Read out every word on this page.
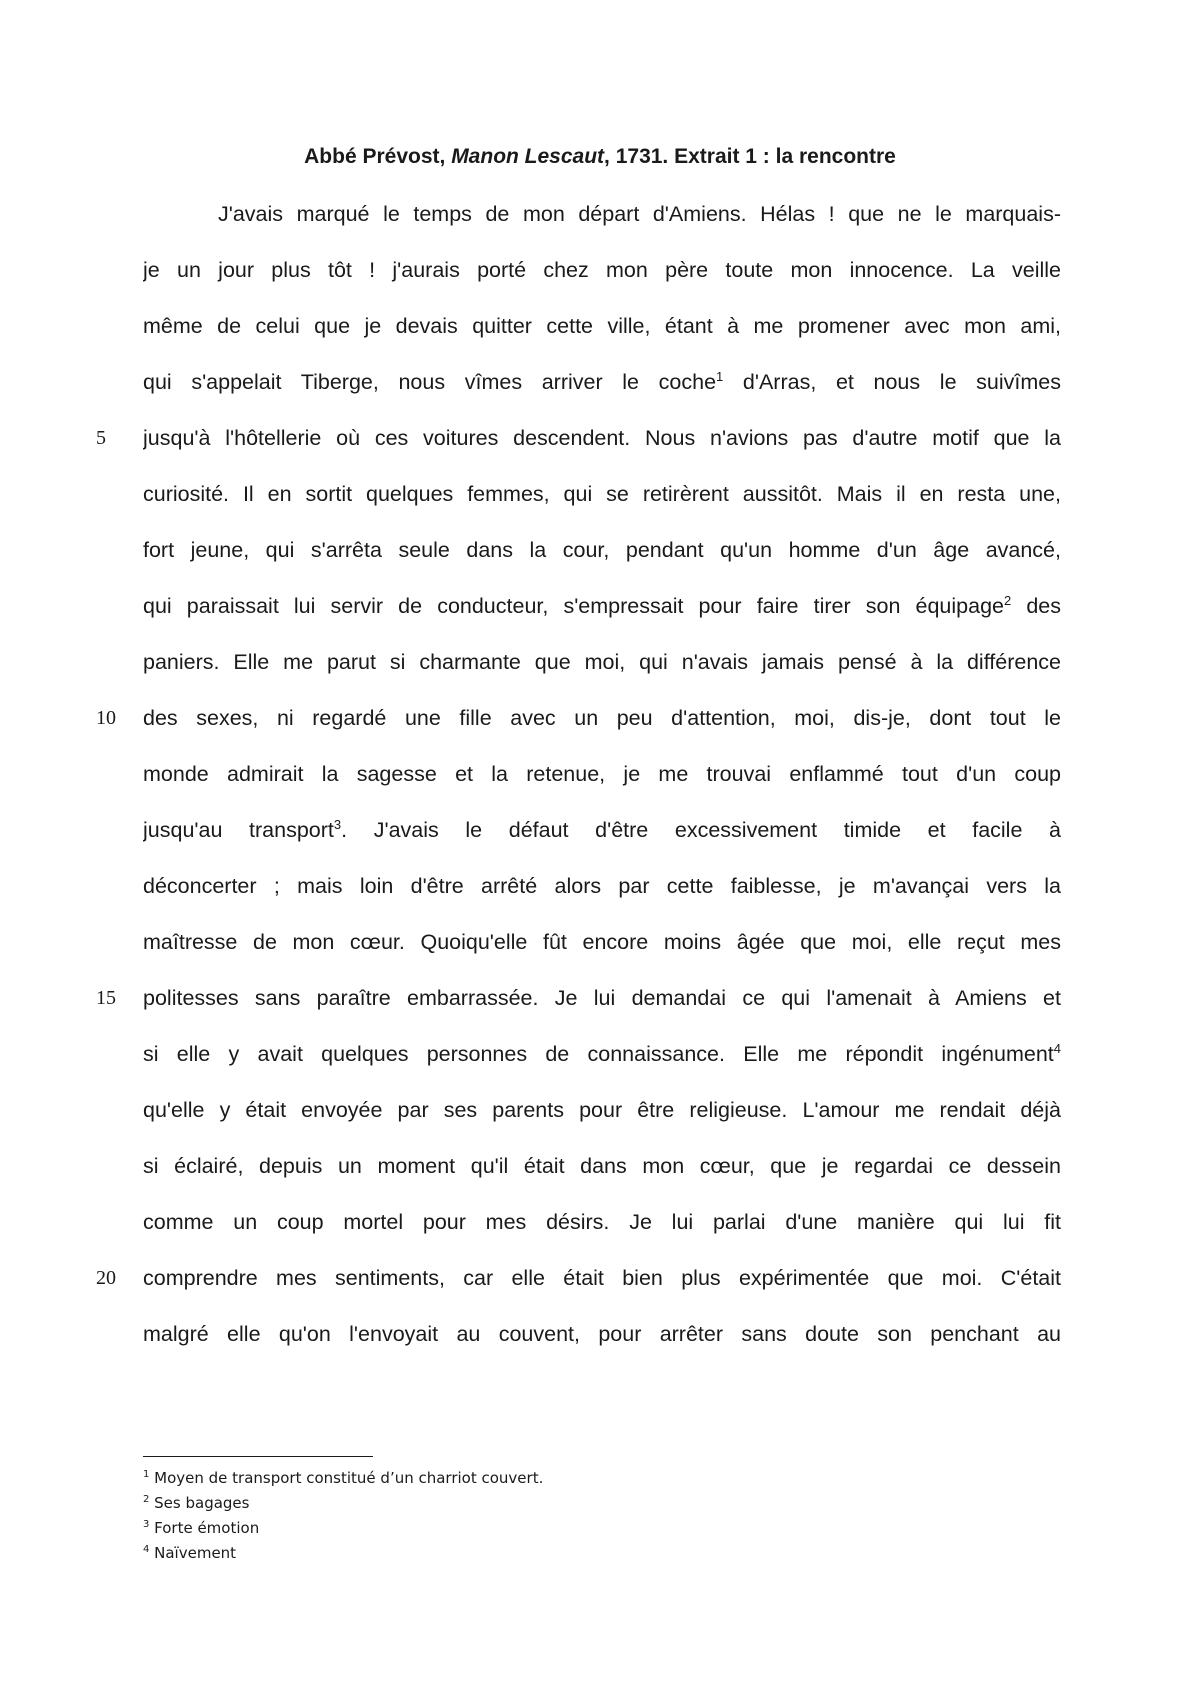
Abbé Prévost, Manon Lescaut, 1731. Extrait 1 : la rencontre
J'avais marqué le temps de mon départ d'Amiens. Hélas ! que ne le marquais-
je un jour plus tôt ! j'aurais porté chez mon père toute mon innocence. La veille
même de celui que je devais quitter cette ville, étant à me promener avec mon ami,
qui s'appelait Tiberge, nous vîmes arriver le coche$^1$ d'Arras, et nous le suivîmes
jusqu'à l'hôtellerie où ces voitures descendent. Nous n'avions pas d'autre motif que la
curiosité. Il en sortit quelques femmes, qui se retirèrent aussitôt. Mais il en resta une,
fort jeune, qui s'arrêta seule dans la cour, pendant qu'un homme d'un âge avancé,
qui paraissait lui servir de conducteur, s'empressait pour faire tirer son équipage$^2$ des
paniers. Elle me parut si charmante que moi, qui n'avais jamais pensé à la différence
des sexes, ni regardé une fille avec un peu d'attention, moi, dis-je, dont tout le
monde admirait la sagesse et la retenue, je me trouvai enflammé tout d'un coup
jusqu'au transport$^3$. J'avais le défaut d'être excessivement timide et facile à
déconcerter ; mais loin d'être arrêté alors par cette faiblesse, je m'avançai vers la
maîtresse de mon cœur. Quoiqu'elle fût encore moins âgée que moi, elle reçut mes
politesses sans paraître embarrassée. Je lui demandai ce qui l'amenait à Amiens et
si elle y avait quelques personnes de connaissance. Elle me répondit ingénument$^4$
qu'elle y était envoyée par ses parents pour être religieuse. L'amour me rendait déjà
si éclairé, depuis un moment qu'il était dans mon cœur, que je regardai ce dessein
comme un coup mortel pour mes désirs. Je lui parlai d'une manière qui lui fit
comprendre mes sentiments, car elle était bien plus expérimentée que moi. C'était
malgré elle qu'on l'envoyait au couvent, pour arrêter sans doute son penchant au
5
10
15
20
$^1$ Moyen de transport constitué d’un charriot couvert.
$^2$ Ses bagages
$^3$ Forte émotion
$^4$ Naïvement
